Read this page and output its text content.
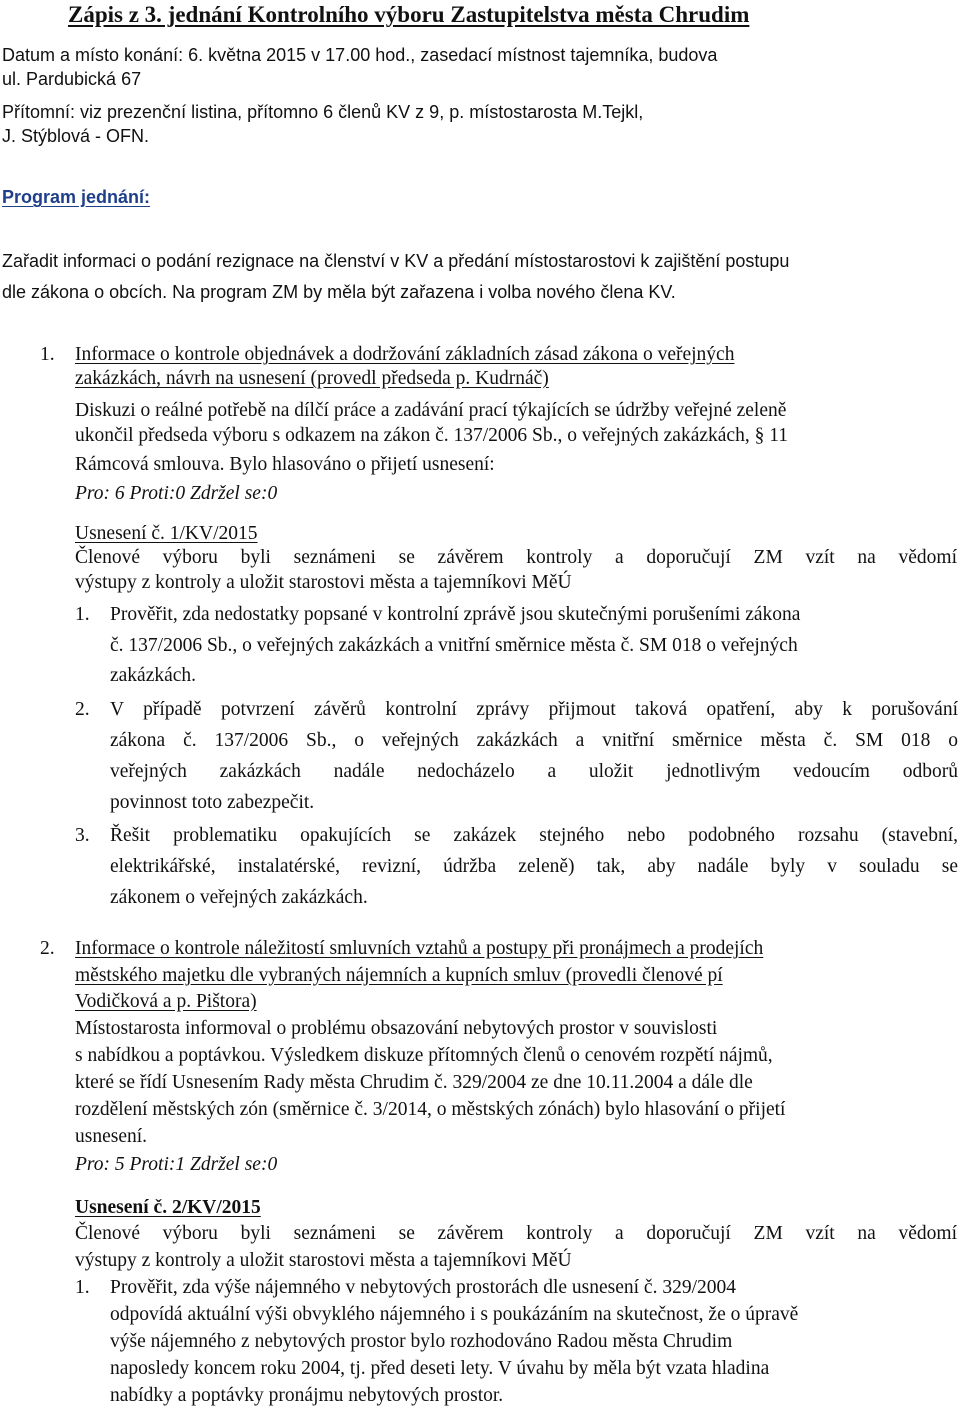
Zápis z 3. jednání Kontrolního výboru Zastupitelstva města Chrudim
Datum a místo konání: 6. května 2015 v 17.00 hod., zasedací místnost tajemníka, budova
ul. Pardubická 67
Přítomní: viz prezenční listina, přítomno 6 členů KV z 9, p. místostarosta M.Tejkl,
J. Stýblová - OFN.
Program jednání:
Zařadit informaci o podání rezignace na členství v KV a předání místostarostovi k zajištění postupu
dle zákona o obcích. Na program ZM by měla být zařazena i volba nového člena KV.
1. Informace o kontrole objednávek a dodržování základních zásad zákona o veřejných
zakázkách, návrh na usnesení (provedl předseda p. Kudrnáč)
Diskuzi o reálné potřebě na dílčí práce a zadávání prací týkajících se údržby veřejné zeleně
ukončil předseda výboru s odkazem na zákon č. 137/2006 Sb., o veřejných zakázkách, § 11
Rámcová smlouva. Bylo hlasováno o přijetí usnesení:
Pro: 6 Proti:0 Zdržel se:0
Usnesení č. 1/KV/2015
Členové výboru byli seznámeni se závěrem kontroly a doporučují ZM vzít na vědomí
výstupy z kontroly a uložit starostovi města a tajemníkovi MěÚ
1. Prověřit, zda nedostatky popsané v kontrolní zprávě jsou skutečnými porušeními zákona
č. 137/2006 Sb., o veřejných zakázkách a vnitřní směrnice města č. SM 018 o veřejných
zakázkách.
2. V případě potvrzení závěrů kontrolní zprávy přijmout taková opatření, aby k porušování
zákona č. 137/2006 Sb., o veřejných zakázkách a vnitřní směrnice města č. SM 018 o
veřejných zakázkách nadále nedocházelo a uložit jednotlivým vedoucím odborů
povinnost toto zabezpečit.
3. Řešit problematiku opakujících se zakázek stejného nebo podobného rozsahu (stavební,
elektrikářské, instalatérské, revizní, údržba zeleně) tak, aby nadále byly v souladu se
zákonem o veřejných zakázkách.
2. Informace o kontrole náležitostí smluvních vztahů a postupy při pronájmech a prodejích
městského majetku dle vybraných nájemních a kupních smluv (provedli členové pí
Vodičková a p. Pištora)
Místostarosta informoval o problému obsazování nebytových prostor v souvislosti
s nabídkou a poptávkou. Výsledkem diskuze přítomných členů o cenovém rozpětí nájmů,
které se řídí Usnesením Rady města Chrudim č. 329/2004 ze dne 10.11.2004 a dále dle
rozdělení městských zón (směrnice č. 3/2014, o městských zónách) bylo hlasování o přijetí
usnesení.
Pro: 5 Proti:1 Zdržel se:0
Usnesení č. 2/KV/2015
Členové výboru byli seznámeni se závěrem kontroly a doporučují ZM vzít na vědomí
výstupy z kontroly a uložit starostovi města a tajemníkovi MěÚ
1. Prověřit, zda výše nájemného v nebytových prostorách dle usnesení č. 329/2004
odpovídá aktuální výši obvyklého nájemného i s poukázáním na skutečnost, že o úpravě
výše nájemného z nebytových prostor bylo rozhodováno Radou města Chrudim
naposledy koncem roku 2004, tj. před deseti lety. V úvahu by měla být vzata hladina
nabídky a poptávky pronájmu nebytových prostor.
